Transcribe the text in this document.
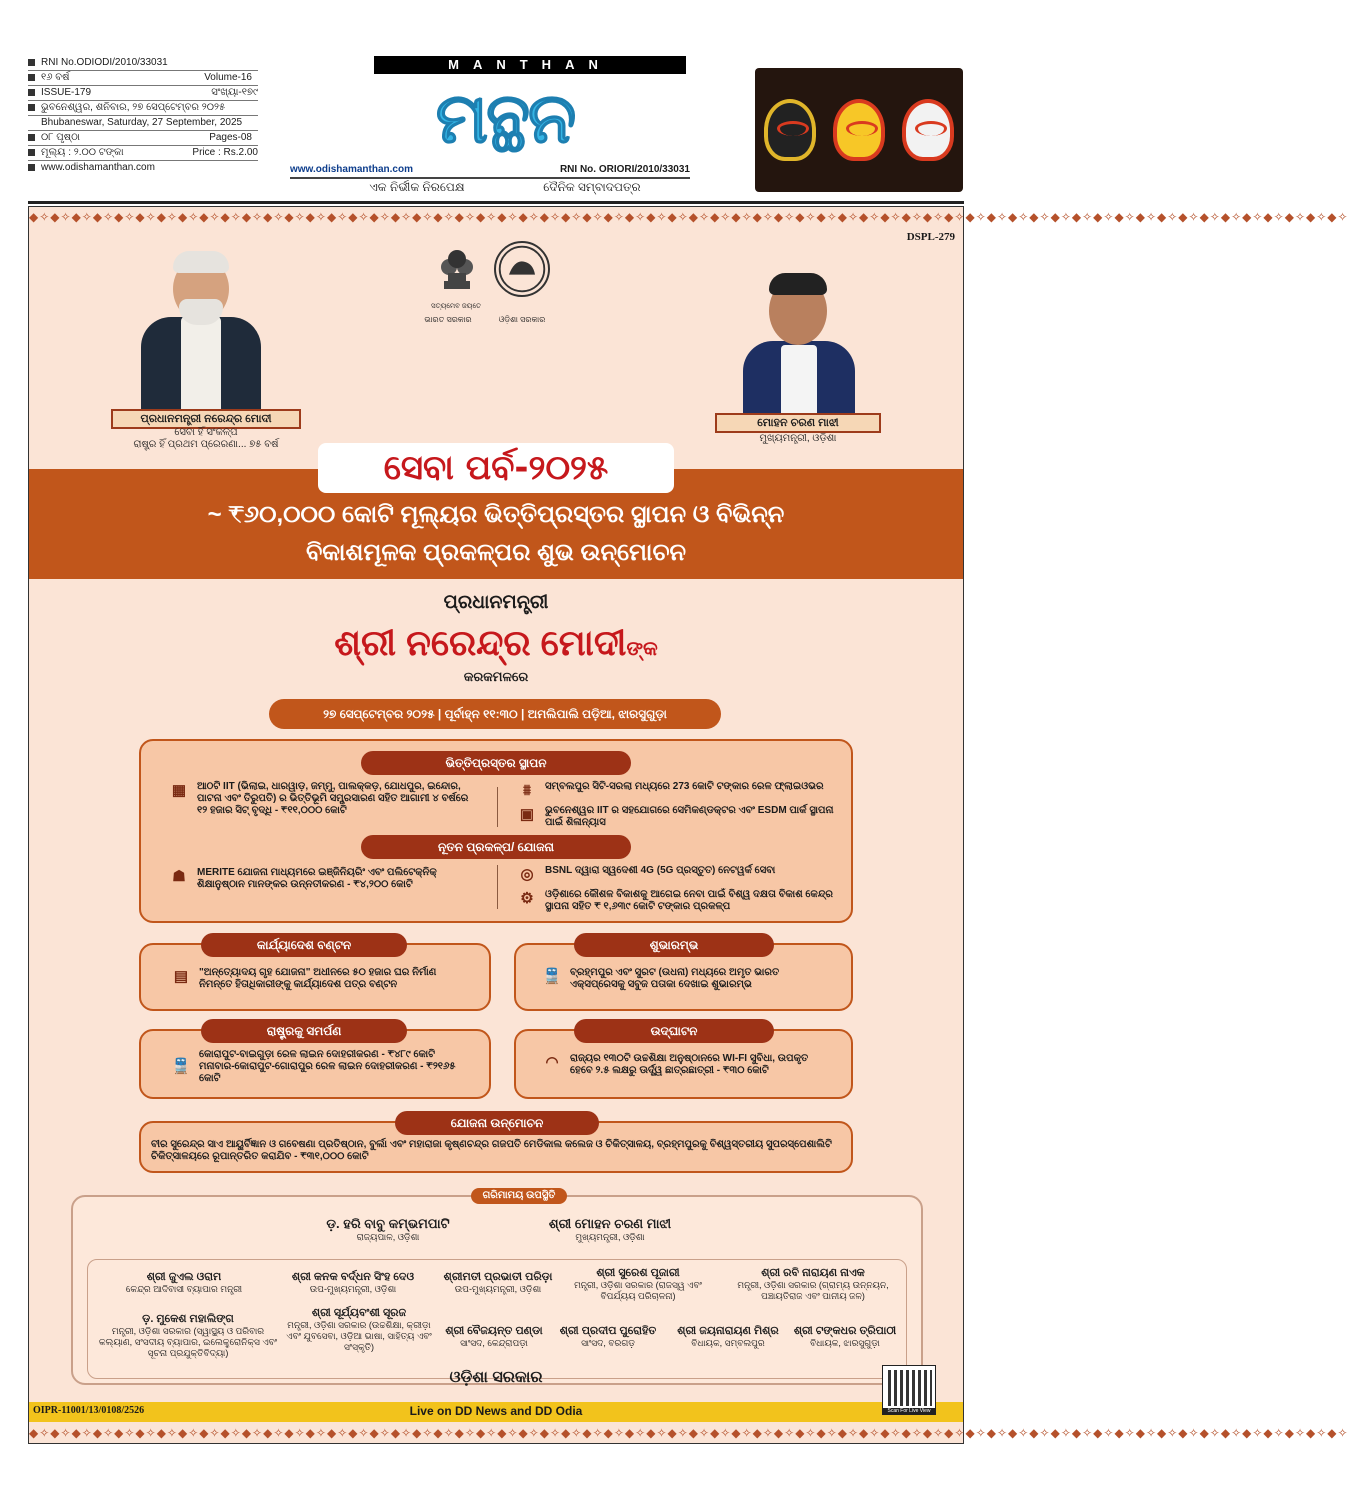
RNI No.ODIODI/2010/33031
୧୬ ବର୍ଷ	Volume-16
ISSUE-179	ସଂଖ୍ୟା-୧୭୯
ଭୁବନେଶ୍ୱର, ଶନିବାର, ୨୭ ସେପ୍ଟେମ୍ବର ୨୦୨୫
Bhubaneswar, Saturday, 27 September, 2025
୦୮ ପୃଷ୍ଠା	Pages-08
ମୂଲ୍ୟ : ୨.୦୦ ଟଙ୍କା	Price : Rs.2.00
www.odishamanthan.com
MANTHAN
ମନ୍ଥନ
www.odishamanthan.com	RNI No. ORIORI/2010/33031
ଏକ ନିର୍ଭୀକ ନିରପେକ୍ଷ	ଦୈନିକ ସମ୍ବାଦପତ୍ର
◆✧◆✧◆✧◆✧◆✧◆✧◆✧◆✧◆✧◆✧◆✧◆✧◆✧◆✧◆✧◆✧◆✧◆✧◆✧◆✧◆✧◆✧◆✧◆✧◆✧◆✧◆✧◆✧◆✧◆✧◆✧◆✧◆✧◆✧◆✧◆✧◆✧◆✧◆✧◆✧◆✧◆✧◆✧◆✧◆✧◆✧◆✧◆✧◆✧◆✧◆✧◆✧◆✧◆✧◆✧◆✧◆✧◆✧◆✧◆✧◆✧◆✧
DSPL-279
ଭାରତ ସରକାର	ଓଡ଼ିଶା ସରକାର
ସତ୍ୟମେବ ଜୟତେ
ପ୍ରଧାନମନ୍ତ୍ରୀ ନରେନ୍ଦ୍ର ମୋଦୀ
ସେବା ହିଁ ସଂକଳ୍ପ
ରାଷ୍ଟ୍ର ହିଁ ପ୍ରଥମ ପ୍ରେରଣା... ୭୫ ବର୍ଷ
ମୋହନ ଚରଣ ମାଝୀ
ମୁଖ୍ୟମନ୍ତ୍ରୀ, ଓଡ଼ିଶା
ସେବା ପର୍ବ-୨୦୨୫
~ ₹୬୦,୦୦୦ କୋଟି ମୂଲ୍ୟର ଭିତ୍ତିପ୍ରସ୍ତର ସ୍ଥାପନ ଓ ବିଭିନ୍ନ
ବିକାଶମୂଳକ ପ୍ରକଳ୍ପର ଶୁଭ ଉନ୍ମୋଚନ
ପ୍ରଧାନମନ୍ତ୍ରୀ
ଶ୍ରୀ ନରେନ୍ଦ୍ର ମୋଦୀଙ୍କ
କରକମଳରେ
୨୭ ସେପ୍ଟେମ୍ବର ୨୦୨୫ | ପୂର୍ବାହ୍ନ ୧୧:୩୦ | ଅମଲିପାଲି ପଡ଼ିଆ, ଝାରସୁଗୁଡ଼ା
ଭିତ୍ତିପ୍ରସ୍ତର ସ୍ଥାପନ
▦ ଆଠଟି IIT (ଭିଲାଇ, ଧାରୱାଡ଼, ଜମ୍ମୁ, ପାଲକ୍କଡ଼, ଯୋଧପୁର, ଇନ୍ଦୋର, ପାଟନା ଏବଂ ତିରୁପତି) ର ଭିତ୍ତିଭୂମି ସମ୍ପ୍ରସାରଣ ସହିତ ଆଗାମୀ ୪ ବର୍ଷରେ ୧୨ ହଜାର ସିଟ୍ ବୃଦ୍ଧି - ₹୧୧,୦୦୦ କୋଟି
⩩	ସମ୍ବଲପୁର ସିଟି-ସରଲା ମଧ୍ୟରେ 273 କୋଟି ଟଙ୍କାର ରେଳ ଫ୍ଲାଇଓଭର
▣ ଭୁବନେଶ୍ୱର IIT ର ସହଯୋଗରେ ସେମିକଣ୍ଡକ୍ଟର ଏବଂ ESDM ପାର୍କ ସ୍ଥାପନା ପାଇଁ ଶିଳାନ୍ୟାସ
ନୂତନ ପ୍ରକଳ୍ପ/ ଯୋଜନା
☗	MERITE ଯୋଜନା ମାଧ୍ୟମରେ ଇଞ୍ଜିନିୟରିଂ ଏବଂ ପଲିଟେକ୍ନିକ୍ ଶିକ୍ଷାନୁଷ୍ଠାନ ମାନଙ୍କର ଉନ୍ନତୀକରଣ - ₹୪,୨୦୦ କୋଟି
◎	BSNL ଦ୍ୱାରା ସ୍ୱଦେଶୀ 4G (5G ପ୍ରସ୍ତୁତ) ନେଟୱର୍କ ସେବା
⚙	ଓଡ଼ିଶାରେ କୌଶଳ ବିକାଶକୁ ଆଗେଇ ନେବା ପାଇଁ ବିଶ୍ୱ ଦକ୍ଷତା ବିକାଶ କେନ୍ଦ୍ର ସ୍ଥାପନା ସହିତ ₹ ୧,୬୩୯ କୋଟି ଟଙ୍କାର ପ୍ରକଳ୍ପ
କାର୍ଯ୍ୟାଦେଶ ବଣ୍ଟନ
▤ "ଅନ୍ତ୍ୟୋଦୟ ଗୃହ ଯୋଜନା" ଅଧୀନରେ ୫୦ ହଜାର ଘର ନିର୍ମାଣ ନିମନ୍ତେ ହିତାଧିକାରୀଙ୍କୁ କାର୍ଯ୍ୟାଦେଶ ପତ୍ର ବଣ୍ଟନ
ଶୁଭାରମ୍ଭ
🚆 ବ୍ରହ୍ମପୁର ଏବଂ ସୁରଟ (ଉଧନା) ମଧ୍ୟରେ ଅମୃତ ଭାରତ ଏକ୍ସପ୍ରେସକୁ ସବୁଜ ପତାକା ଦେଖାଇ ଶୁଭାରମ୍ଭ
ରାଷ୍ଟ୍ରକୁ ସମର୍ପଣ
🚆
କୋରାପୁଟ-ବାଇଗୁଡ଼ା ରେଳ ଲାଇନ ଦୋହରୀକରଣ - ₹୪୮୯ କୋଟି
ମନାବାର-କୋରାପୁଟ-ଗୋରାପୁର ରେଳ ଲାଇନ ଦୋହରୀକରଣ - ₹୨୧୬୫ କୋଟି
ଉଦ୍‌ଘାଟନ
◠	ରାଜ୍ୟର ୧୩୦ଟି ଉଚ୍ଚଶିକ୍ଷା ଅନୁଷ୍ଠାନରେ WI-FI ସୁବିଧା, ଉପକୃତ ହେବେ ୨.୫ ଲକ୍ଷରୁ ଊର୍ଦ୍ଧ୍ୱ ଛାତ୍ରଛାତ୍ରୀ - ₹୩୦ କୋଟି
ଯୋଜନା ଉନ୍ମୋଚନ
ବୀର ସୁରେନ୍ଦ୍ର ସାଏ ଆୟୁର୍ବିଜ୍ଞାନ ଓ ଗବେଷଣା ପ୍ରତିଷ୍ଠାନ, ବୁର୍ଲା ଏବଂ ମହାରାଜା କୃଷ୍ଣଚନ୍ଦ୍ର ଗଜପତି ମେଡିକାଲ କଲେଜ ଓ ଚିକିତ୍ସାଳୟ, ବ୍ରହ୍ମପୁରକୁ ବିଶ୍ୱସ୍ତରୀୟ ସୁପରସ୍ପେଶାଲିଟି ଚିକିତ୍ସାଳୟରେ ରୂପାନ୍ତରିତ କରାଯିବ - ₹୩୧,୦୦୦ କୋଟି
ଗରିମାମୟ ଉପସ୍ଥିତି
ଡ଼. ହରି ବାବୁ କମ୍ଭମପାଟି
ରାଜ୍ୟପାଳ, ଓଡ଼ିଶା
ଶ୍ରୀ ମୋହନ ଚରଣ ମାଝୀ
ମୁଖ୍ୟମନ୍ତ୍ରୀ, ଓଡ଼ିଶା
ଶ୍ରୀ ଜୁଏଲ ଓରାମ
କେନ୍ଦ୍ର ଆଦିବାସୀ ବ୍ୟାପାର ମନ୍ତ୍ରୀ
ଶ୍ରୀ କନକ ବର୍ଦ୍ଧନ ସିଂହ ଦେଓ
ଉପ-ମୁଖ୍ୟମନ୍ତ୍ରୀ, ଓଡ଼ିଶା
ଶ୍ରୀମତୀ ପ୍ରଭାତୀ ପରିଡ଼ା
ଉପ-ମୁଖ୍ୟମନ୍ତ୍ରୀ, ଓଡ଼ିଶା
ଶ୍ରୀ ସୁରେଶ ପୂଜାରୀ
ମନ୍ତ୍ରୀ, ଓଡ଼ିଶା ସରକାର (ରାଜସ୍ୱ ଏବଂ ବିପର୍ଯ୍ୟୟ ପରିଚାଳନା)
ଶ୍ରୀ ରବି ନାରାୟଣ ନାଏକ
ମନ୍ତ୍ରୀ, ଓଡ଼ିଶା ସରକାର (ଗ୍ରାମ୍ୟ ଉନ୍ନୟନ, ପଞ୍ଚାୟତିରାଜ ଏବଂ ପାନୀୟ ଜଳ)
ଡ଼. ମୁକେଶ ମହାଲିଙ୍ଗ
ମନ୍ତ୍ରୀ, ଓଡ଼ିଶା ସରକାର (ସ୍ୱାସ୍ଥ୍ୟ ଓ ପରିବାର କଲ୍ୟାଣ, ସଂସଦୀୟ ବ୍ୟାପାର, ଇଲେକ୍ଟ୍ରୋନିକ୍ସ ଏବଂ ସୂଚନା ପ୍ରଯୁକ୍ତିବିଦ୍ୟା)
ଶ୍ରୀ ସୂର୍ଯ୍ୟବଂଶୀ ସୂରଜ
ମନ୍ତ୍ରୀ, ଓଡ଼ିଶା ସରକାର (ଉଚ୍ଚଶିକ୍ଷା, କ୍ରୀଡ଼ା ଏବଂ ଯୁବସେବା, ଓଡ଼ିଆ ଭାଷା, ସାହିତ୍ୟ ଏବଂ ସଂସ୍କୃତି)
ଶ୍ରୀ ବୈଜୟନ୍ତ ପଣ୍ଡା
ସାଂସଦ, କେନ୍ଦ୍ରାପଡ଼ା
ଶ୍ରୀ ପ୍ରଦୀପ ପୁରୋହିତ
ସାଂସଦ, ବରଗଡ଼
ଶ୍ରୀ ଜୟନାରାୟଣ ମିଶ୍ର
ବିଧାୟକ, ସମ୍ବଲପୁର
ଶ୍ରୀ ଟଙ୍କଧର ତ୍ରିପାଠୀ
ବିଧାୟକ, ଝାରସୁଗୁଡ଼ା
ଓଡ଼ିଶା ସରକାର
OIPR-11001/13/0108/2526	Live on DD News and DD Odia	Scan For Live View
◆✧◆✧◆✧◆✧◆✧◆✧◆✧◆✧◆✧◆✧◆✧◆✧◆✧◆✧◆✧◆✧◆✧◆✧◆✧◆✧◆✧◆✧◆✧◆✧◆✧◆✧◆✧◆✧◆✧◆✧◆✧◆✧◆✧◆✧◆✧◆✧◆✧◆✧◆✧◆✧◆✧◆✧◆✧◆✧◆✧◆✧◆✧◆✧◆✧◆✧◆✧◆✧◆✧◆✧◆✧◆✧◆✧◆✧◆✧◆✧◆✧◆✧
